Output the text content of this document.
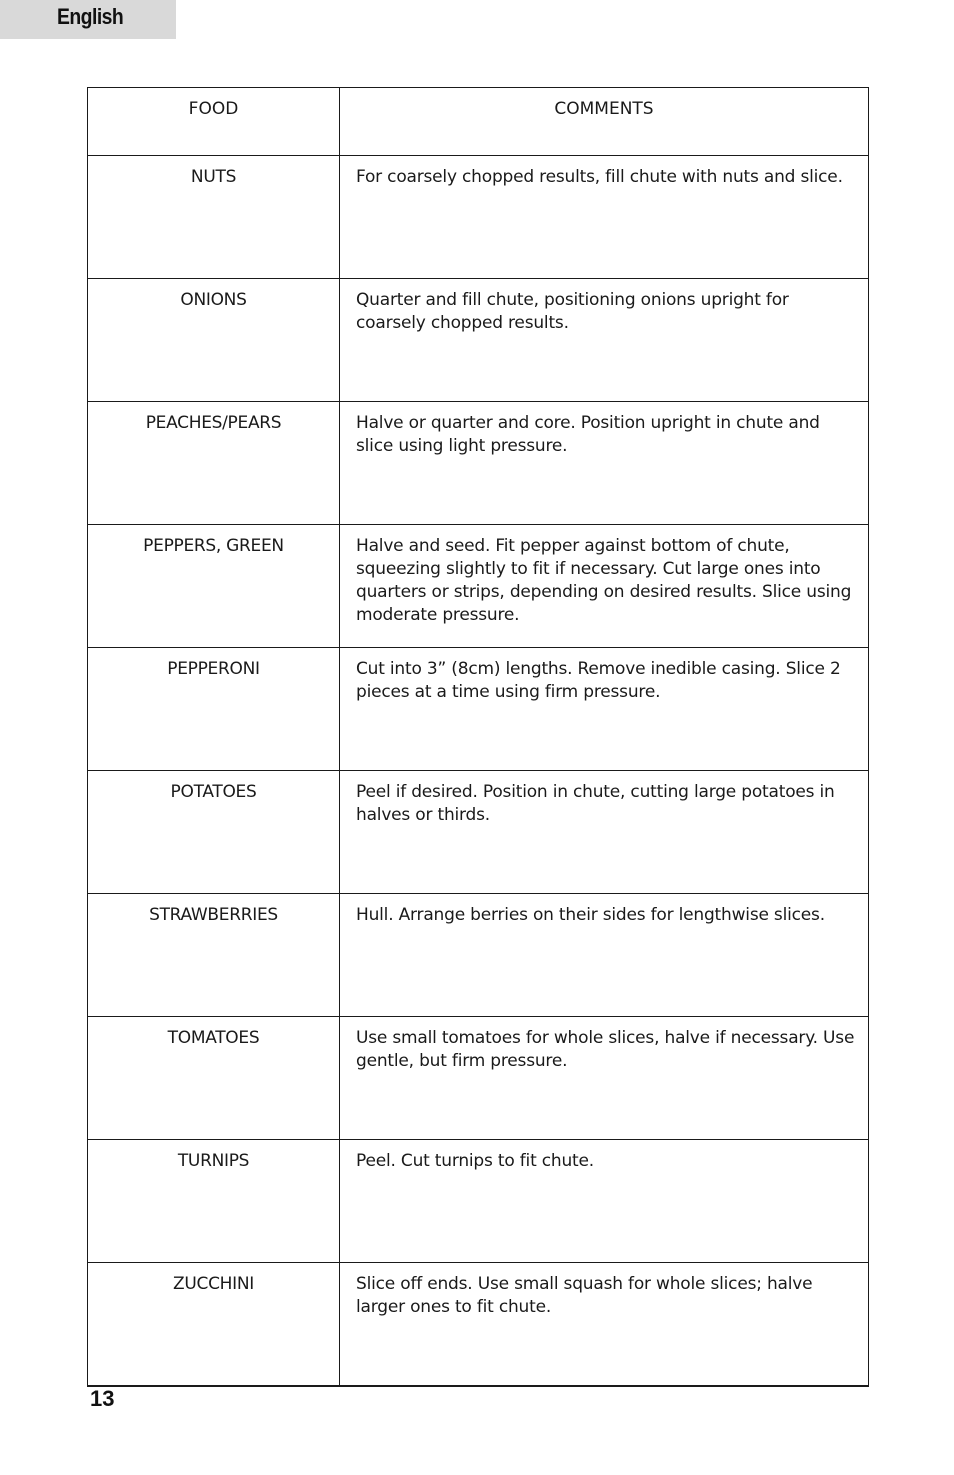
English
FOOD	COMMENTS
NUTS	For coarsely chopped results, fill chute with nuts and slice.
ONIONS	Quarter and fill chute, positioning onions upright for coarsely chopped results.
PEACHES/PEARS	Halve or quarter and core. Position upright in chute and slice using light pressure.
PEPPERS, GREEN	Halve and seed. Fit pepper against bottom of chute, squeezing slightly to fit if necessary. Cut large ones into quarters or strips, depending on desired results. Slice using moderate pressure.
PEPPERONI	Cut into 3” (8cm) lengths. Remove inedible casing. Slice 2 pieces at a time using firm pressure.
POTATOES	Peel if desired. Position in chute, cutting large potatoes in halves or thirds.
STRAWBERRIES	Hull. Arrange berries on their sides for lengthwise slices.
TOMATOES	Use small tomatoes for whole slices, halve if necessary. Use gentle, but firm pressure.
TURNIPS	Peel. Cut turnips to fit chute.
ZUCCHINI	Slice off ends. Use small squash for whole slices; halve larger ones to fit chute.
13
